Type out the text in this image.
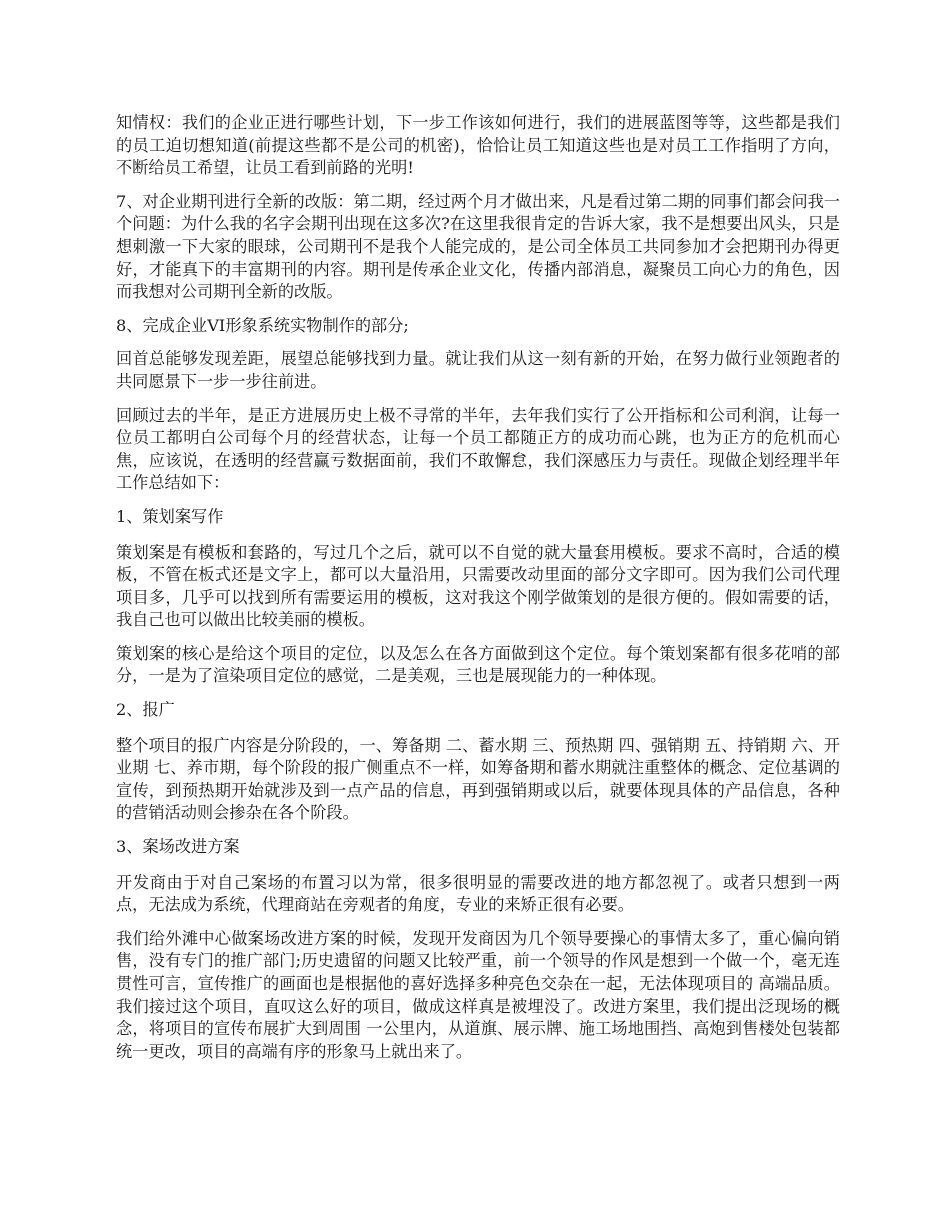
知情权：我们的企业正进行哪些计划，下一步工作该如何进行，我们的进展蓝图等等，这些都是我们的员工迫切想知道(前提这些都不是公司的机密)，恰恰让员工知道这些也是对员工工作指明了方向，不断给员工希望，让员工看到前路的光明!

7、对企业期刊进行全新的改版：第二期，经过两个月才做出来，凡是看过第二期的同事们都会问我一个问题：为什么我的名字会期刊出现在这多次?在这里我很肯定的告诉大家，我不是想要出风头，只是想刺激一下大家的眼球，公司期刊不是我个人能完成的，是公司全体员工共同参加才会把期刊办得更好，才能真下的丰富期刊的内容。期刊是传承企业文化，传播内部消息，凝聚员工向心力的角色，因而我想对公司期刊全新的改版。

8、完成企业VI形象系统实物制作的部分;

回首总能够发现差距，展望总能够找到力量。就让我们从这一刻有新的开始，在努力做行业领跑者的共同愿景下一步一步往前进。

回顾过去的半年，是正方进展历史上极不寻常的半年，去年我们实行了公开指标和公司利润，让每一位员工都明白公司每个月的经营状态，让每一个员工都随正方的成功而心跳，也为正方的危机而心焦，应该说，在透明的经营赢亏数据面前，我们不敢懈怠，我们深感压力与责任。现做企划经理半年工作总结如下：

1、策划案写作

策划案是有模板和套路的，写过几个之后，就可以不自觉的就大量套用模板。要求不高时，合适的模板，不管在板式还是文字上，都可以大量沿用，只需要改动里面的部分文字即可。因为我们公司代理项目多，几乎可以找到所有需要运用的模板，这对我这个刚学做策划的是很方便的。假如需要的话，我自己也可以做出比较美丽的模板。

策划案的核心是给这个项目的定位，以及怎么在各方面做到这个定位。每个策划案都有很多花哨的部分，一是为了渲染项目定位的感觉，二是美观，三也是展现能力的一种体现。

2、报广

整个项目的报广内容是分阶段的，一、筹备期 二、蓄水期 三、预热期 四、强销期 五、持销期 六、开业期 七、养市期，每个阶段的报广侧重点不一样，如筹备期和蓄水期就注重整体的概念、定位基调的宣传，到预热期开始就涉及到一点产品的信息，再到强销期或以后，就要体现具体的产品信息，各种的营销活动则会掺杂在各个阶段。

3、案场改进方案

开发商由于对自己案场的布置习以为常，很多很明显的需要改进的地方都忽视了。或者只想到一两点，无法成为系统，代理商站在旁观者的角度，专业的来矫正很有必要。

我们给外滩中心做案场改进方案的时候，发现开发商因为几个领导要操心的事情太多了，重心偏向销售，没有专门的推广部门;历史遗留的问题又比较严重，前一个领导的作风是想到一个做一个，毫无连贯性可言，宣传推广的画面也是根据他的喜好选择多种亮色交杂在一起，无法体现项目的 高端品质。我们接过这个项目，直叹这么好的项目，做成这样真是被埋没了。改进方案里，我们提出泛现场的概念，将项目的宣传布展扩大到周围 一公里内，从道旗、展示牌、施工场地围挡、高炮到售楼处包装都统一更改，项目的高端有序的形象马上就出来了。
